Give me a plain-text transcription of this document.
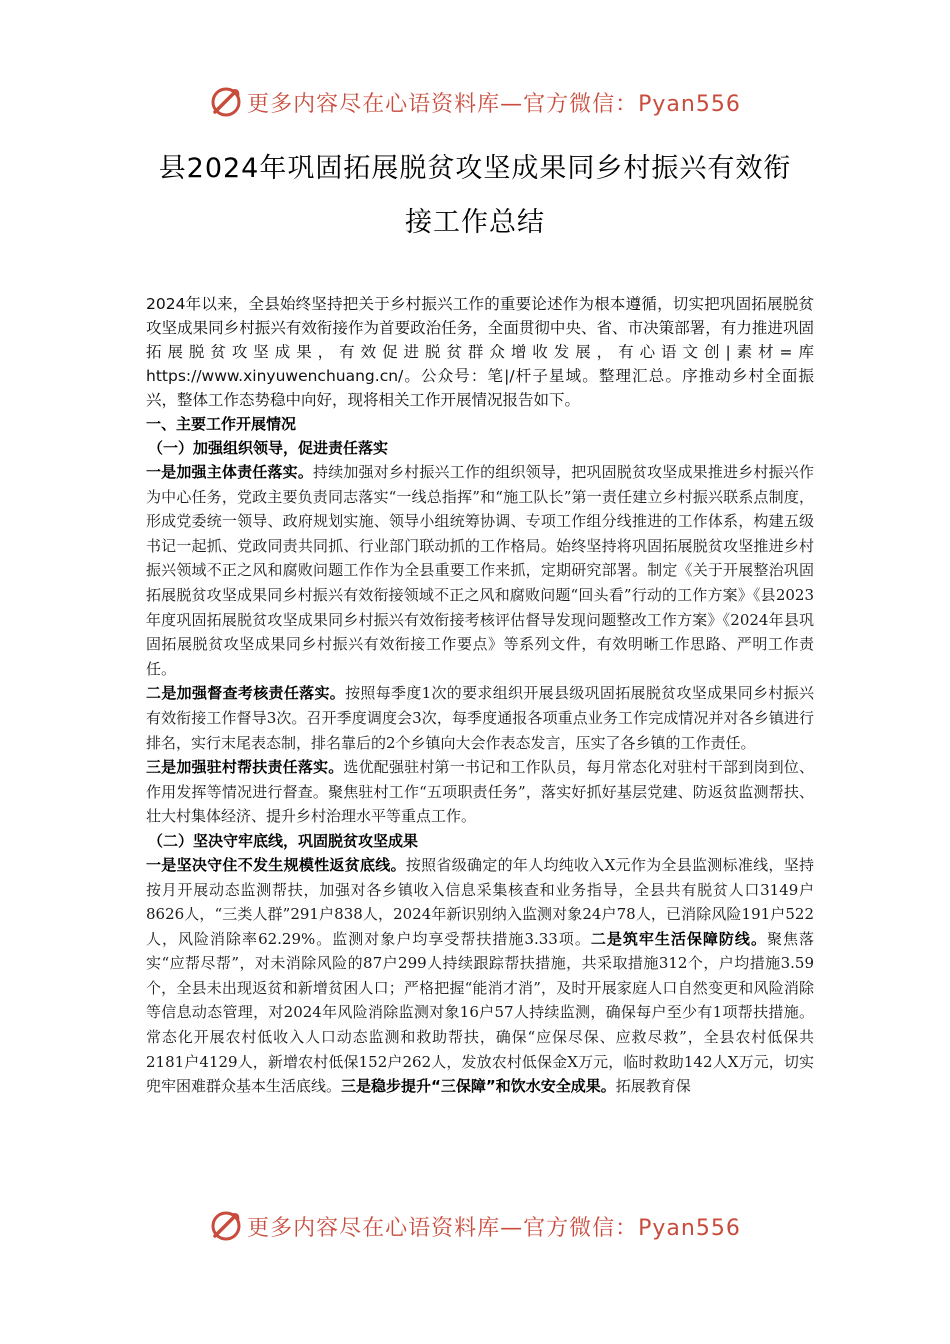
更多内容尽在心语资料库—官方微信：Pyan556
县2024年巩固拓展脱贫攻坚成果同乡村振兴有效衔
接工作总结

2024年以来，全县始终坚持把关于乡村振兴工作的重要论述作为根本遵循，切实把巩固拓展脱贫攻坚成果同乡村振兴有效衔接作为首要政治任务，全面贯彻中央、省、市决策部署，有力推进巩固拓展脱贫攻坚成果，有效促进脱贫群众增收发展，有心语文创|素材=库https://www.xinyuwenchuang.cn/。公众号：笔|/杆子星域。整理汇总。序推动乡村全面振兴，整体工作态势稳中向好，现将相关工作开展情况报告如下。

一、主要工作开展情况

（一）加强组织领导，促进责任落实

一是加强主体责任落实。持续加强对乡村振兴工作的组织领导，把巩固脱贫攻坚成果推进乡村振兴作为中心任务，党政主要负责同志落实“一线总指挥”和“施工队长”第一责任建立乡村振兴联系点制度，形成党委统一领导、政府规划实施、领导小组统筹协调、专项工作组分线推进的工作体系，构建五级书记一起抓、党政同责共同抓、行业部门联动抓的工作格局。始终坚持将巩固拓展脱贫攻坚推进乡村振兴领域不正之风和腐败问题工作作为全县重要工作来抓，定期研究部署。制定《关于开展整治巩固拓展脱贫攻坚成果同乡村振兴有效衔接领域不正之风和腐败问题“回头看”行动的工作方案》《县2023年度巩固拓展脱贫攻坚成果同乡村振兴有效衔接考核评估督导发现问题整改工作方案》《2024年县巩固拓展脱贫攻坚成果同乡村振兴有效衔接工作要点》等系列文件，有效明晰工作思路、严明工作责任。

二是加强督查考核责任落实。按照每季度1次的要求组织开展县级巩固拓展脱贫攻坚成果同乡村振兴有效衔接工作督导3次。召开季度调度会3次，每季度通报各项重点业务工作完成情况并对各乡镇进行排名，实行末尾表态制，排名靠后的2个乡镇向大会作表态发言，压实了各乡镇的工作责任。

三是加强驻村帮扶责任落实。选优配强驻村第一书记和工作队员，每月常态化对驻村干部到岗到位、作用发挥等情况进行督查。聚焦驻村工作“五项职责任务”，落实好抓好基层党建、防返贫监测帮扶、壮大村集体经济、提升乡村治理水平等重点工作。

（二）坚决守牢底线，巩固脱贫攻坚成果

一是坚决守住不发生规模性返贫底线。按照省级确定的年人均纯收入X元作为全县监测标准线，坚持按月开展动态监测帮扶，加强对各乡镇收入信息采集核查和业务指导，全县共有脱贫人口3149户8626人，“三类人群”291户838人，2024年新识别纳入监测对象24户78人，已消除风险191户522人，风险消除率62.29%。监测对象户均享受帮扶措施3.33项。二是筑牢生活保障防线。聚焦落实“应帮尽帮”，对未消除风险的87户299人持续跟踪帮扶措施，共采取措施312个，户均措施3.59个，全县未出现返贫和新增贫困人口；严格把握“能消才消”，及时开展家庭人口自然变更和风险消除等信息动态管理，对2024年风险消除监测对象16户57人持续监测，确保每户至少有1项帮扶措施。常态化开展农村低收入人口动态监测和救助帮扶，确保“应保尽保、应救尽救”，全县农村低保共2181户4129人，新增农村低保152户262人，发放农村低保金X万元，临时救助142人X万元，切实兜牢困难群众基本生活底线。三是稳步提升“三保障”和饮水安全成果。拓展教育保

更多内容尽在心语资料库—官方微信：Pyan556
